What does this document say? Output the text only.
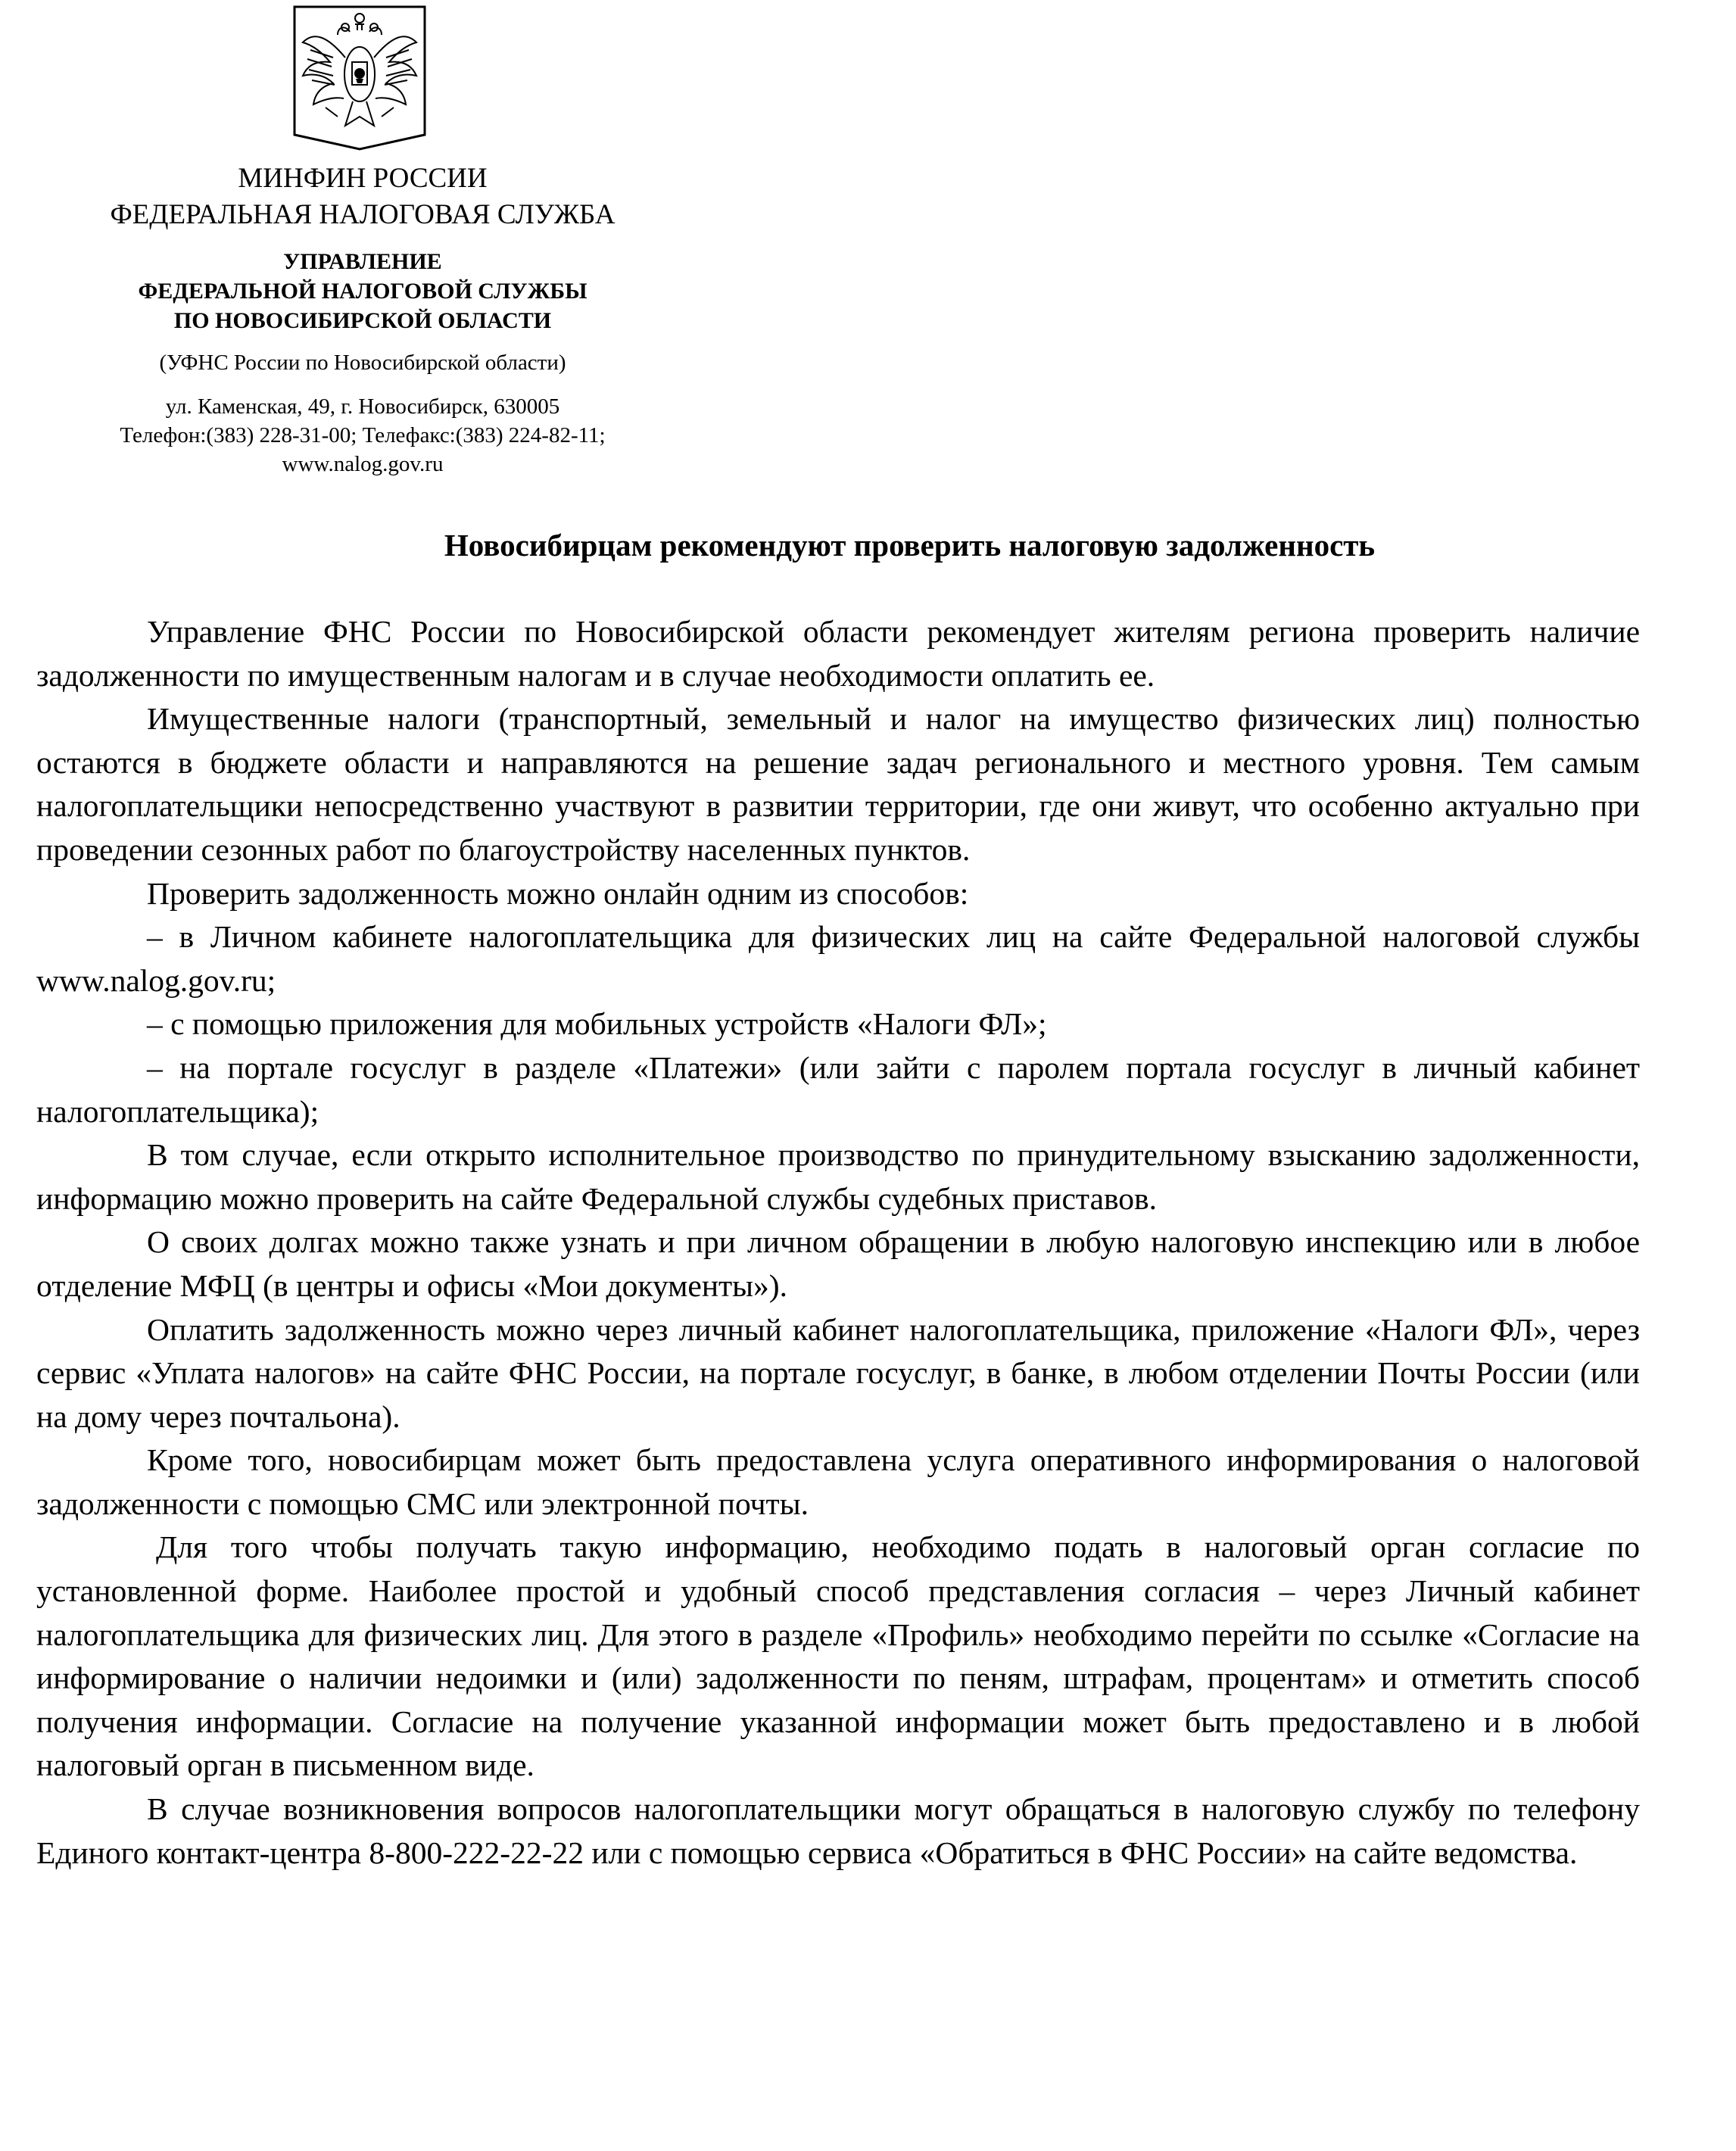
МИНФИН РОССИИ
ФЕДЕРАЛЬНАЯ НАЛОГОВАЯ СЛУЖБА
УПРАВЛЕНИЕ
ФЕДЕРАЛЬНОЙ НАЛОГОВОЙ СЛУЖБЫ
ПО НОВОСИБИРСКОЙ ОБЛАСТИ
(УФНС России по Новосибирской области)
ул. Каменская, 49, г. Новосибирск, 630005
Телефон:(383) 228-31-00; Телефакс:(383) 224-82-11;
www.nalog.gov.ru
Новосибирцам рекомендуют проверить налоговую задолженность

Управление ФНС России по Новосибирской области рекомендует жителям региона проверить наличие задолженности по имущественным налогам и в случае необходимости оплатить ее.

Имущественные налоги (транспортный, земельный и налог на имущество физических лиц) полностью остаются в бюджете области и направляются на решение задач регионального и местного уровня. Тем самым налогоплательщики непосредственно участвуют в развитии территории, где они живут, что особенно актуально при проведении сезонных работ по благоустройству населенных пунктов.

Проверить задолженность можно онлайн одним из способов:

– в Личном кабинете налогоплательщика для физических лиц на сайте Федеральной налоговой службы www.nalog.gov.ru;

– с помощью приложения для мобильных устройств «Налоги ФЛ»;

– на портале госуслуг в разделе «Платежи» (или зайти с паролем портала госуслуг в личный кабинет налогоплательщика);

В том случае, если открыто исполнительное производство по принудительному взысканию задолженности, информацию можно проверить на сайте Федеральной службы судебных приставов.

О своих долгах можно также узнать и при личном обращении в любую налоговую инспекцию или в любое отделение МФЦ (в центры и офисы «Мои документы»).

Оплатить задолженность можно через личный кабинет налогоплательщика, приложение «Налоги ФЛ», через сервис «Уплата налогов» на сайте ФНС России, на портале госуслуг, в банке, в любом отделении Почты России (или на дому через почтальона).

Кроме того, новосибирцам может быть предоставлена услуга оперативного информирования о налоговой задолженности с помощью СМС или электронной почты.

Для того чтобы получать такую информацию, необходимо подать в налоговый орган согласие по установленной форме. Наиболее простой и удобный способ представления согласия – через Личный кабинет налогоплательщика для физических лиц. Для этого в разделе «Профиль» необходимо перейти по ссылке «Согласие на информирование о наличии недоимки и (или) задолженности по пеням, штрафам, процентам» и отметить способ получения информации. Согласие на получение указанной информации может быть предоставлено и в любой налоговый орган в письменном виде.

В случае возникновения вопросов налогоплательщики могут обращаться в налоговую службу по телефону Единого контакт-центра 8-800-222-22-22 или с помощью сервиса «Обратиться в ФНС России» на сайте ведомства.
